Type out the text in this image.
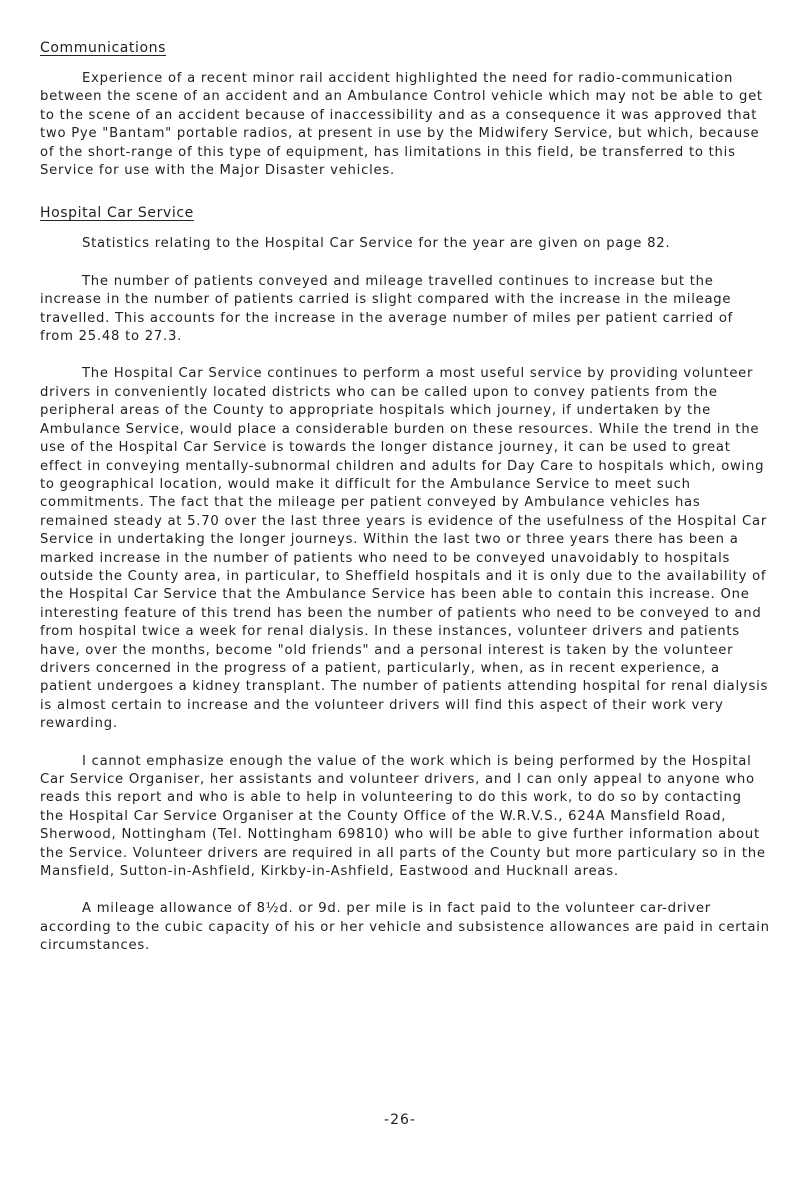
Communications

Experience of a recent minor rail accident highlighted the need for radio-communication between the scene of an accident and an Ambulance Control vehicle which may not be able to get to the scene of an accident because of inaccessibility and as a consequence it was approved that two Pye "Bantam" portable radios, at present in use by the Midwifery Service, but which, because of the short-range of this type of equipment, has limitations in this field, be transferred to this Service for use with the Major Disaster vehicles.

Hospital Car Service

Statistics relating to the Hospital Car Service for the year are given on page 82.

The number of patients conveyed and mileage travelled continues to increase but the increase in the number of patients carried is slight compared with the increase in the mileage travelled. This accounts for the increase in the average number of miles per patient carried of from 25.48 to 27.3.

The Hospital Car Service continues to perform a most useful service by providing volunteer drivers in conveniently located districts who can be called upon to convey patients from the peripheral areas of the County to appropriate hospitals which journey, if undertaken by the Ambulance Service, would place a considerable burden on these resources. While the trend in the use of the Hospital Car Service is towards the longer distance journey, it can be used to great effect in conveying mentally-subnormal children and adults for Day Care to hospitals which, owing to geographical location, would make it difficult for the Ambulance Service to meet such commitments. The fact that the mileage per patient conveyed by Ambulance vehicles has remained steady at 5.70 over the last three years is evidence of the usefulness of the Hospital Car Service in undertaking the longer journeys. Within the last two or three years there has been a marked increase in the number of patients who need to be conveyed unavoidably to hospitals outside the County area, in particular, to Sheffield hospitals and it is only due to the availability of the Hospital Car Service that the Ambulance Service has been able to contain this increase. One interesting feature of this trend has been the number of patients who need to be conveyed to and from hospital twice a week for renal dialysis. In these instances, volunteer drivers and patients have, over the months, become "old friends" and a personal interest is taken by the volunteer drivers concerned in the progress of a patient, particularly, when, as in recent experience, a patient undergoes a kidney transplant. The number of patients attending hospital for renal dialysis is almost certain to increase and the volunteer drivers will find this aspect of their work very rewarding.

I cannot emphasize enough the value of the work which is being performed by the Hospital Car Service Organiser, her assistants and volunteer drivers, and I can only appeal to anyone who reads this report and who is able to help in volunteering to do this work, to do so by contacting the Hospital Car Service Organiser at the County Office of the W.R.V.S., 624A Mansfield Road, Sherwood, Nottingham (Tel. Nottingham 69810) who will be able to give further information about the Service. Volunteer drivers are required in all parts of the County but more particulary so in the Mansfield, Sutton-in-Ashfield, Kirkby-in-Ashfield, Eastwood and Hucknall areas.

A mileage allowance of 8½d. or 9d. per mile is in fact paid to the volunteer car-driver according to the cubic capacity of his or her vehicle and subsistence allowances are paid in certain circumstances.

-26-
